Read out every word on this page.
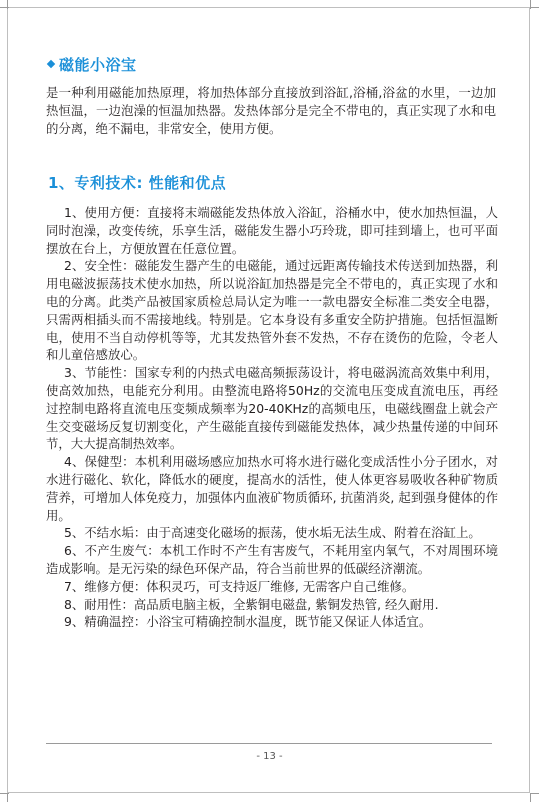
磁能小浴宝

是一种利用磁能加热原理，将加热体部分直接放到浴缸,浴桶,浴盆的水里，一边加热恒温，一边泡澡的恒温加热器。发热体部分是完全不带电的，真正实现了水和电的分离，绝不漏电，非常安全，使用方便。

1、专利技术: 性能和优点

1、使用方便：直接将末端磁能发热体放入浴缸，浴桶水中，使水加热恒温，人同时泡澡，改变传统，乐享生活，磁能发生器小巧玲珑，即可挂到墙上，也可平面摆放在台上，方便放置在任意位置。

2、安全性：磁能发生器产生的电磁能，通过远距离传输技术传送到加热器，利用电磁波振荡技术使水加热，所以说浴缸加热器是完全不带电的，真正实现了水和电的分离。此类产品被国家质检总局认定为唯一一款电器安全标准二类安全电器，只需两相插头而不需接地线。特别是。它本身设有多重安全防护措施。包括恒温断电，使用不当自动停机等等，尤其发热管外套不发热，不存在烫伤的危险，令老人和儿童倍感放心。

3、节能性：国家专利的内热式电磁高频振荡设计，将电磁涡流高效集中利用，使高效加热，电能充分利用。由整流电路将50Hz的交流电压变成直流电压，再经过控制电路将直流电压变频成频率为20-40KHz的高频电压，电磁线圈盘上就会产生交变磁场反复切割变化，产生磁能直接传到磁能发热体，减少热量传递的中间环节，大大提高制热效率。

4、保健型：本机利用磁场感应加热水可将水进行磁化变成活性小分子团水，对水进行磁化、软化，降低水的硬度，提高水的活性，使人体更容易吸收各种矿物质营养，可增加人体免疫力，加强体内血液矿物质循环, 抗菌消炎, 起到强身健体的作用。

5、不结水垢：由于高速变化磁场的振荡，使水垢无法生成、附着在浴缸上。

6、不产生废气：本机工作时不产生有害废气，不耗用室内氧气，不对周围环境造成影响。是无污染的绿色环保产品，符合当前世界的低碳经济潮流。

7、维修方便：体积灵巧，可支持返厂维修, 无需客户自己维修。

8、耐用性：高品质电脑主板，全紫铜电磁盘, 紫铜发热管, 经久耐用.

9、精确温控：小浴宝可精确控制水温度，既节能又保证人体适宜。

- 13 -
